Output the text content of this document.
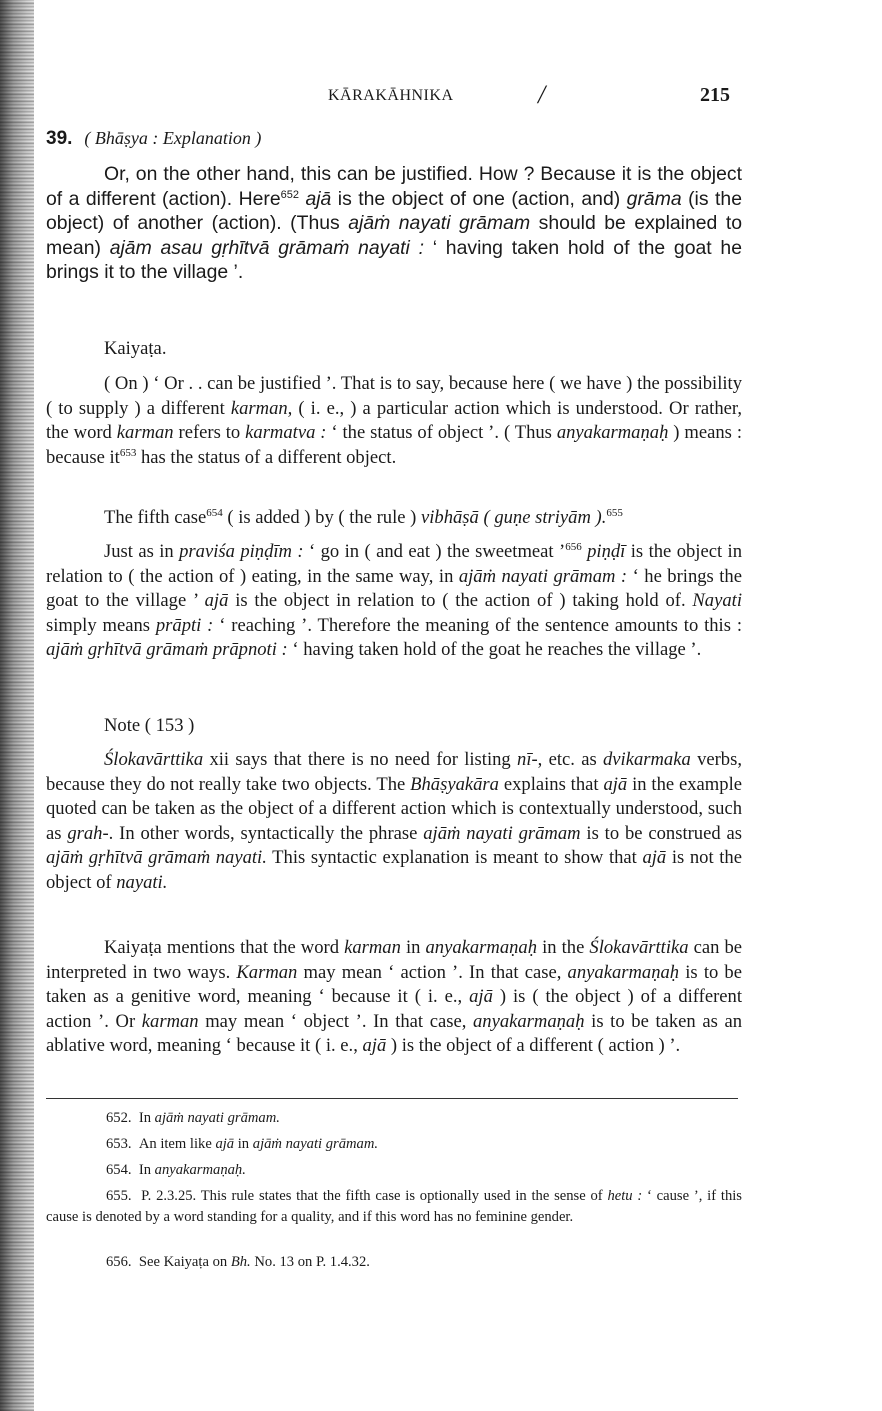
KĀRAKĀHNIKA	/	215
39. ( Bhāṣya : Explanation )

Or, on the other hand, this can be justified. How ? Because it is the object of a different (action). Here$^{652}$ ajā is the object of one (action, and) grāma (is the object) of another (action). (Thus ajāṁ nayati grāmam should be explained to mean) ajām asau gṛhītvā grāmaṁ nayati : ‘ having taken hold of the goat he brings it to the village ’.

Kaiyaṭa.

( On ) ‘ Or . . can be justified ’. That is to say, because here ( we have ) the possibility ( to supply ) a different karman, ( i. e., ) a particular action which is understood. Or rather, the word karman refers to karmatva : ‘ the status of object ’. ( Thus anyakarmaṇaḥ ) means : because $it^{653}$ has the status of a different object.

The fifth case$^{654}$ ( is added ) by ( the rule ) vibhāṣā ( guṇe striyām ).$^{655}$

Just as in praviśa piṇḍīm : ‘ go in ( and eat ) the sweetmeat ’$^{656}$ piṇḍī is the object in relation to ( the action of ) eating, in the same way, in ajāṁ nayati grāmam : ‘ he brings the goat to the village ’ ajā is the object in relation to ( the action of ) taking hold of. Nayati simply means prāpti : ‘ reaching ’. Therefore the meaning of the sentence amounts to this : ajāṁ gṛhītvā grāmaṁ prāpnoti : ‘ having taken hold of the goat he reaches the village ’.

Note ( 153 )

Ślokavārttika xii says that there is no need for listing nī-, etc. as dvikarmaka verbs, because they do not really take two objects. The Bhāṣyakāra explains that ajā in the example quoted can be taken as the object of a different action which is contextually understood, such as grah-. In other words, syntactically the phrase ajāṁ nayati grāmam is to be construed as ajāṁ gṛhītvā grāmaṁ nayati. This syntactic explanation is meant to show that ajā is not the object of nayati.

Kaiyaṭa mentions that the word karman in anyakarmaṇaḥ in the Ślokavārttika can be interpreted in two ways. Karman may mean ‘ action ’. In that case, anyakarmaṇaḥ is to be taken as a genitive word, meaning ‘ because it ( i. e., ajā ) is ( the object ) of a different action ’. Or karman may mean ‘ object ’. In that case, anyakarmaṇaḥ is to be taken as an ablative word, meaning ‘ because it ( i. e., ajā ) is the object of a different ( action ) ’.

652.  In ajāṁ nayati grāmam.
653.  An item like ajā in ajāṁ nayati grāmam.
654.  In anyakarmaṇaḥ.
655.  P. 2.3.25. This rule states that the fifth case is optionally used in the sense of hetu : ‘ cause ’, if this cause is denoted by a word standing for a quality, and if this word has no feminine gender.
656.  See Kaiyaṭa on Bh. No. 13 on P. 1.4.32.
